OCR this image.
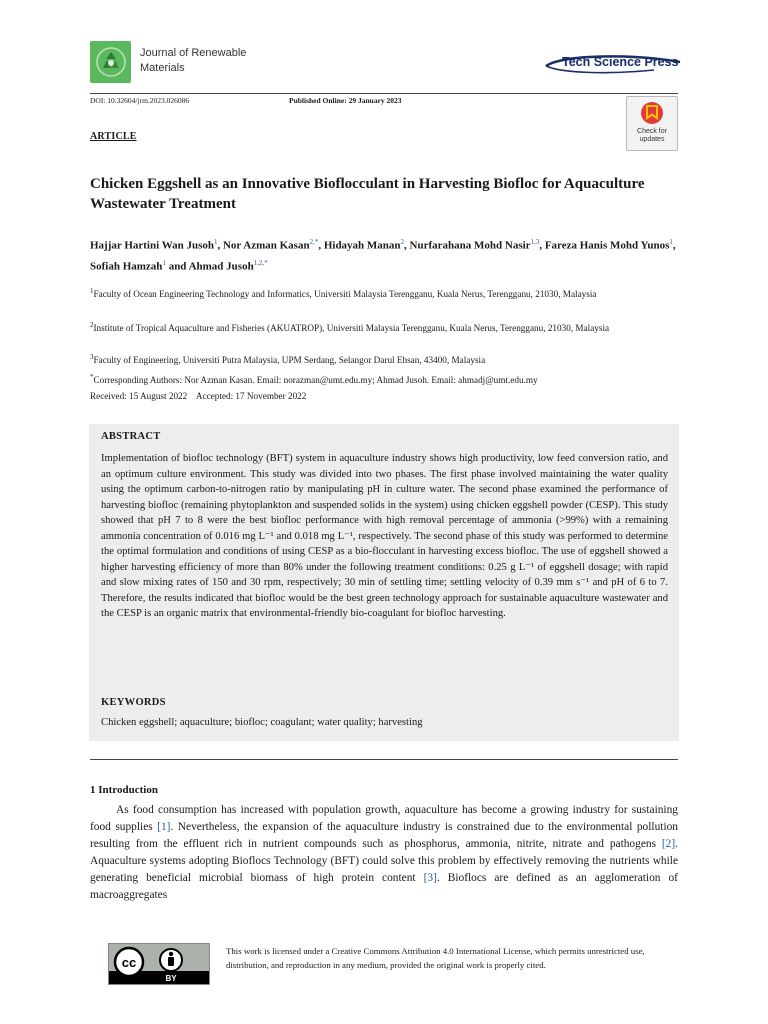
Journal of Renewable
Materials	Tech Science Press
DOI: 10.32604/jrm.2023.026086	Published Online: 29 January 2023
Check for
updates
ARTICLE
Chicken Eggshell as an Innovative Bioflocculant in Harvesting Biofloc for Aquaculture Wastewater Treatment
Hajjar Hartini Wan Jusoh$^1$, Nor Azman Kasan$^{2,*}$, Hidayah Manan$^2$, Nurfarahana Mohd Nasir$^{1,3}$, Fareza Hanis Mohd Yunos$^1$, Sofiah Hamzah$^1$ and Ahmad Jusoh$^{1,2,*}$
$^1$Faculty of Ocean Engineering Technology and Informatics, Universiti Malaysia Terengganu, Kuala Nerus, Terengganu, 21030, Malaysia
$^2$Institute of Tropical Aquaculture and Fisheries (AKUATROP), Universiti Malaysia Terengganu, Kuala Nerus, Terengganu, 21030, Malaysia
$^3$Faculty of Engineering, Universiti Putra Malaysia, UPM Serdang, Selangor Darul Ehsan, 43400, Malaysia
*Corresponding Authors: Nor Azman Kasan. Email: norazman@umt.edu.my; Ahmad Jusoh. Email: ahmadj@umt.edu.my
Received: 15 August 2022    Accepted: 17 November 2022
ABSTRACT
Implementation of biofloc technology (BFT) system in aquaculture industry shows high productivity, low feed conversion ratio, and an optimum culture environment. This study was divided into two phases. The first phase involved maintaining the water quality using the optimum carbon-to-nitrogen ratio by manipulating pH in culture water. The second phase examined the performance of harvesting biofloc (remaining phytoplankton and suspended solids in the system) using chicken eggshell powder (CESP). This study showed that pH 7 to 8 were the best biofloc performance with high removal percentage of ammonia (>99%) with a remaining ammonia concentration of 0.016 mg L⁻¹ and 0.018 mg L⁻¹, respectively. The second phase of this study was performed to determine the optimal formulation and conditions of using CESP as a bio-flocculant in harvesting excess biofloc. The use of eggshell showed a higher harvesting efficiency of more than 80% under the following treatment conditions: 0.25 g L⁻¹ of eggshell dosage; with rapid and slow mixing rates of 150 and 30 rpm, respectively; 30 min of settling time; settling velocity of 0.39 mm s⁻¹ and pH of 6 to 7. Therefore, the results indicated that biofloc would be the best green technology approach for sustainable aquaculture wastewater and the CESP is an organic matrix that environmental-friendly bio-coagulant for biofloc harvesting.
KEYWORDS
Chicken eggshell; aquaculture; biofloc; coagulant; water quality; harvesting
1 Introduction
As food consumption has increased with population growth, aquaculture has become a growing industry for sustaining food supplies [1]. Nevertheless, the expansion of the aquaculture industry is constrained due to the environmental pollution resulting from the effluent rich in nutrient compounds such as phosphorus, ammonia, nitrite, nitrate and pathogens [2]. Aquaculture systems adopting Bioflocs Technology (BFT) could solve this problem by effectively removing the nutrients while generating beneficial microbial biomass of high protein content [3]. Bioflocs are defined as an agglomeration of macroaggregates
cc
BY
This work is licensed under a Creative Commons Attribution 4.0 International License, which permits unrestricted use, distribution, and reproduction in any medium, provided the original work is properly cited.
